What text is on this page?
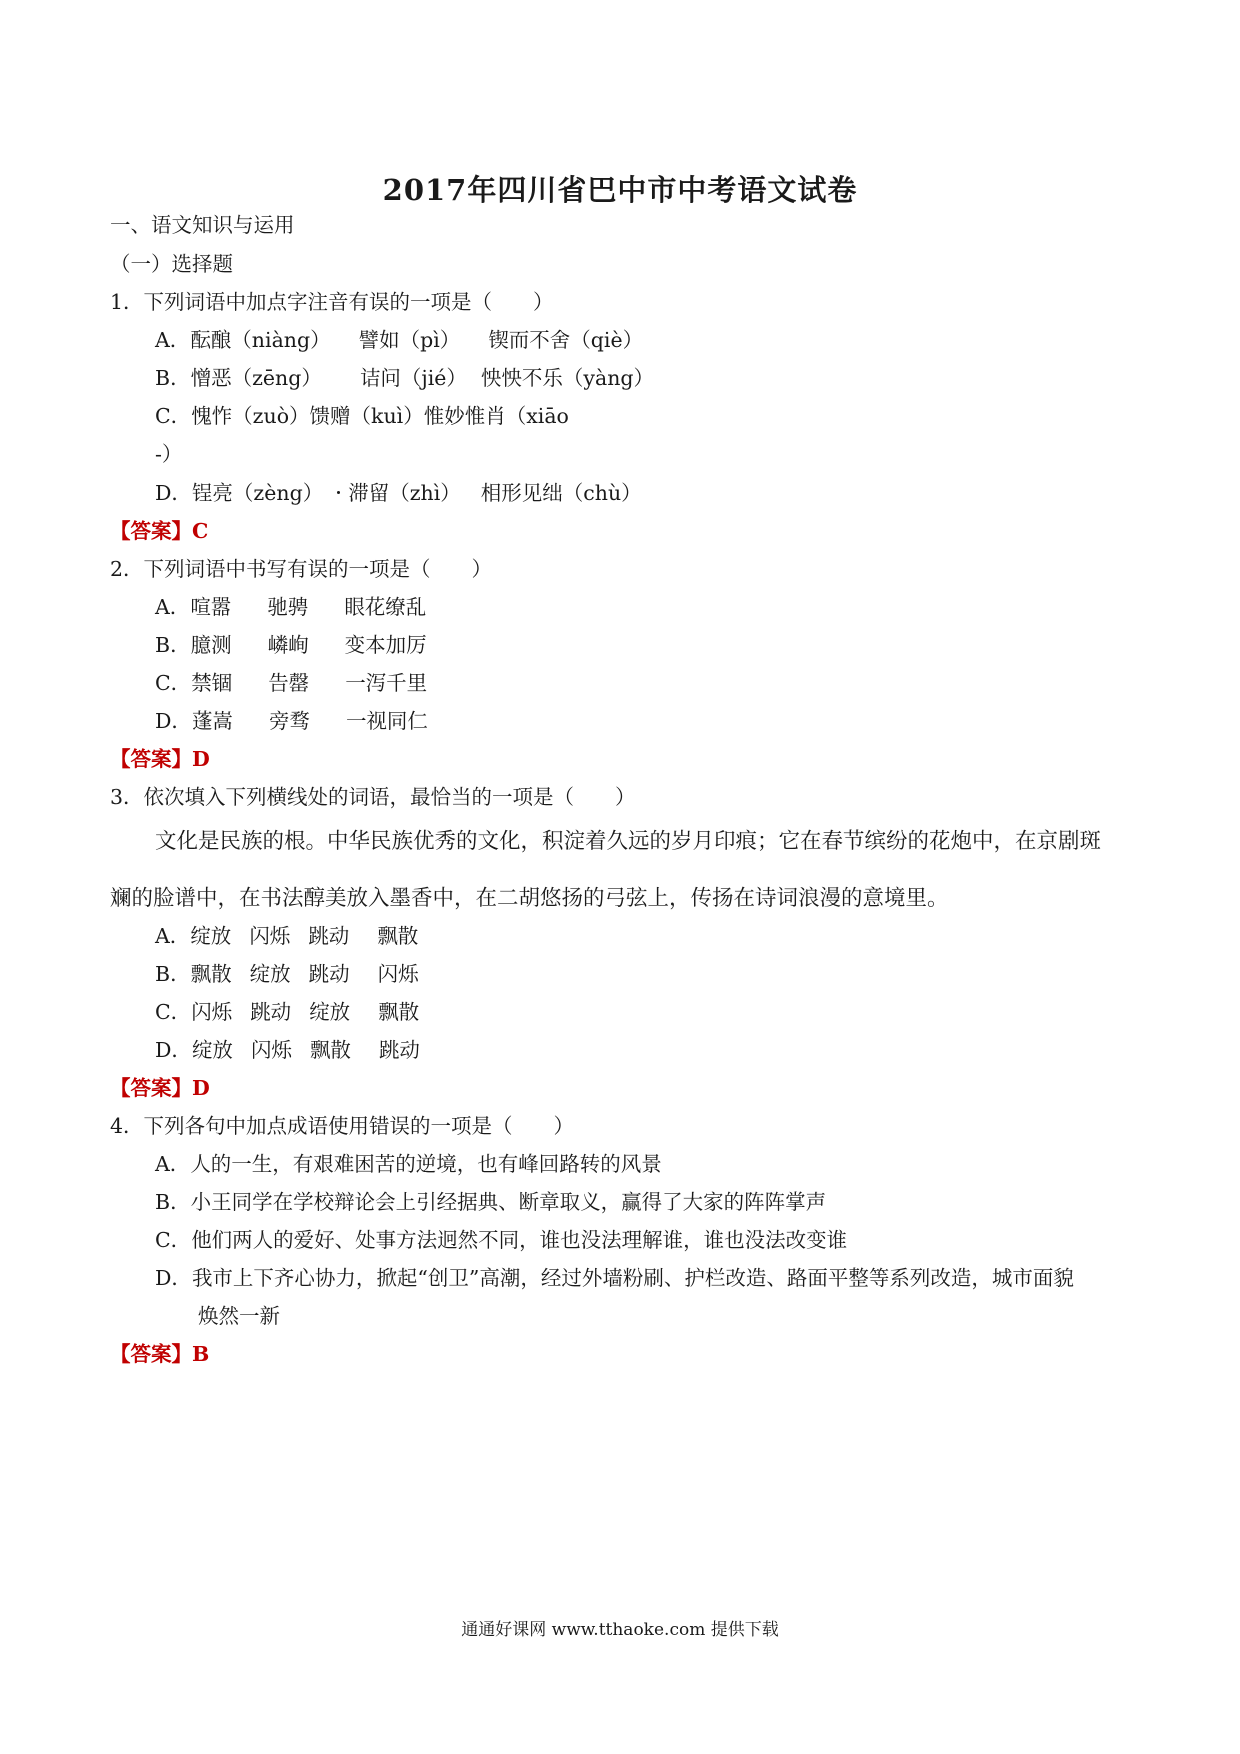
2017年四川省巴中市中考语文试卷
一、语文知识与运用
（一）选择题
1．下列词语中加点字注音有误的一项是（　　）
A．酝酿（niàng） 譬如（pì） 锲而不舍（qiè）
B．憎恶（zēng） 诘问（jié） 怏怏不乐（yàng）
C．愧怍（zuò）馈赠（kuì）惟妙惟肖（xiāo
-）
D．锃亮（zèng） 滞留（zhì） 相形见绌（chù）
【答案】C
2．下列词语中书写有误的一项是（　　）
A．喧嚣 驰骋 眼花缭乱
B．臆测 嶙峋 变本加厉
C．禁锢 告罄 一泻千里
D．蓬嵩 旁骛 一视同仁
【答案】D
3．依次填入下列横线处的词语，最恰当的一项是（　　）
文化是民族的根。中华民族优秀的文化，积淀着久远的岁月印痕；它在春节缤纷的花炮中，在京剧斑
斓的脸谱中，在书法醇美放入墨香中，在二胡悠扬的弓弦上，传扬在诗词浪漫的意境里。
A．绽放 闪烁 跳动 飘散
B．飘散 绽放 跳动 闪烁
C．闪烁 跳动 绽放 飘散
D．绽放 闪烁 飘散 跳动
【答案】D
4．下列各句中加点成语使用错误的一项是（　　）
A．人的一生，有艰难困苦的逆境，也有峰回路转的风景
B．小王同学在学校辩论会上引经据典、断章取义，赢得了大家的阵阵掌声
C．他们两人的爱好、处事方法迥然不同，谁也没法理解谁，谁也没法改变谁
D．我市上下齐心协力，掀起“创卫”高潮，经过外墙粉刷、护栏改造、路面平整等系列改造，城市面貌
焕然一新
【答案】B
通通好课网 www.tthaoke.com 提供下载
